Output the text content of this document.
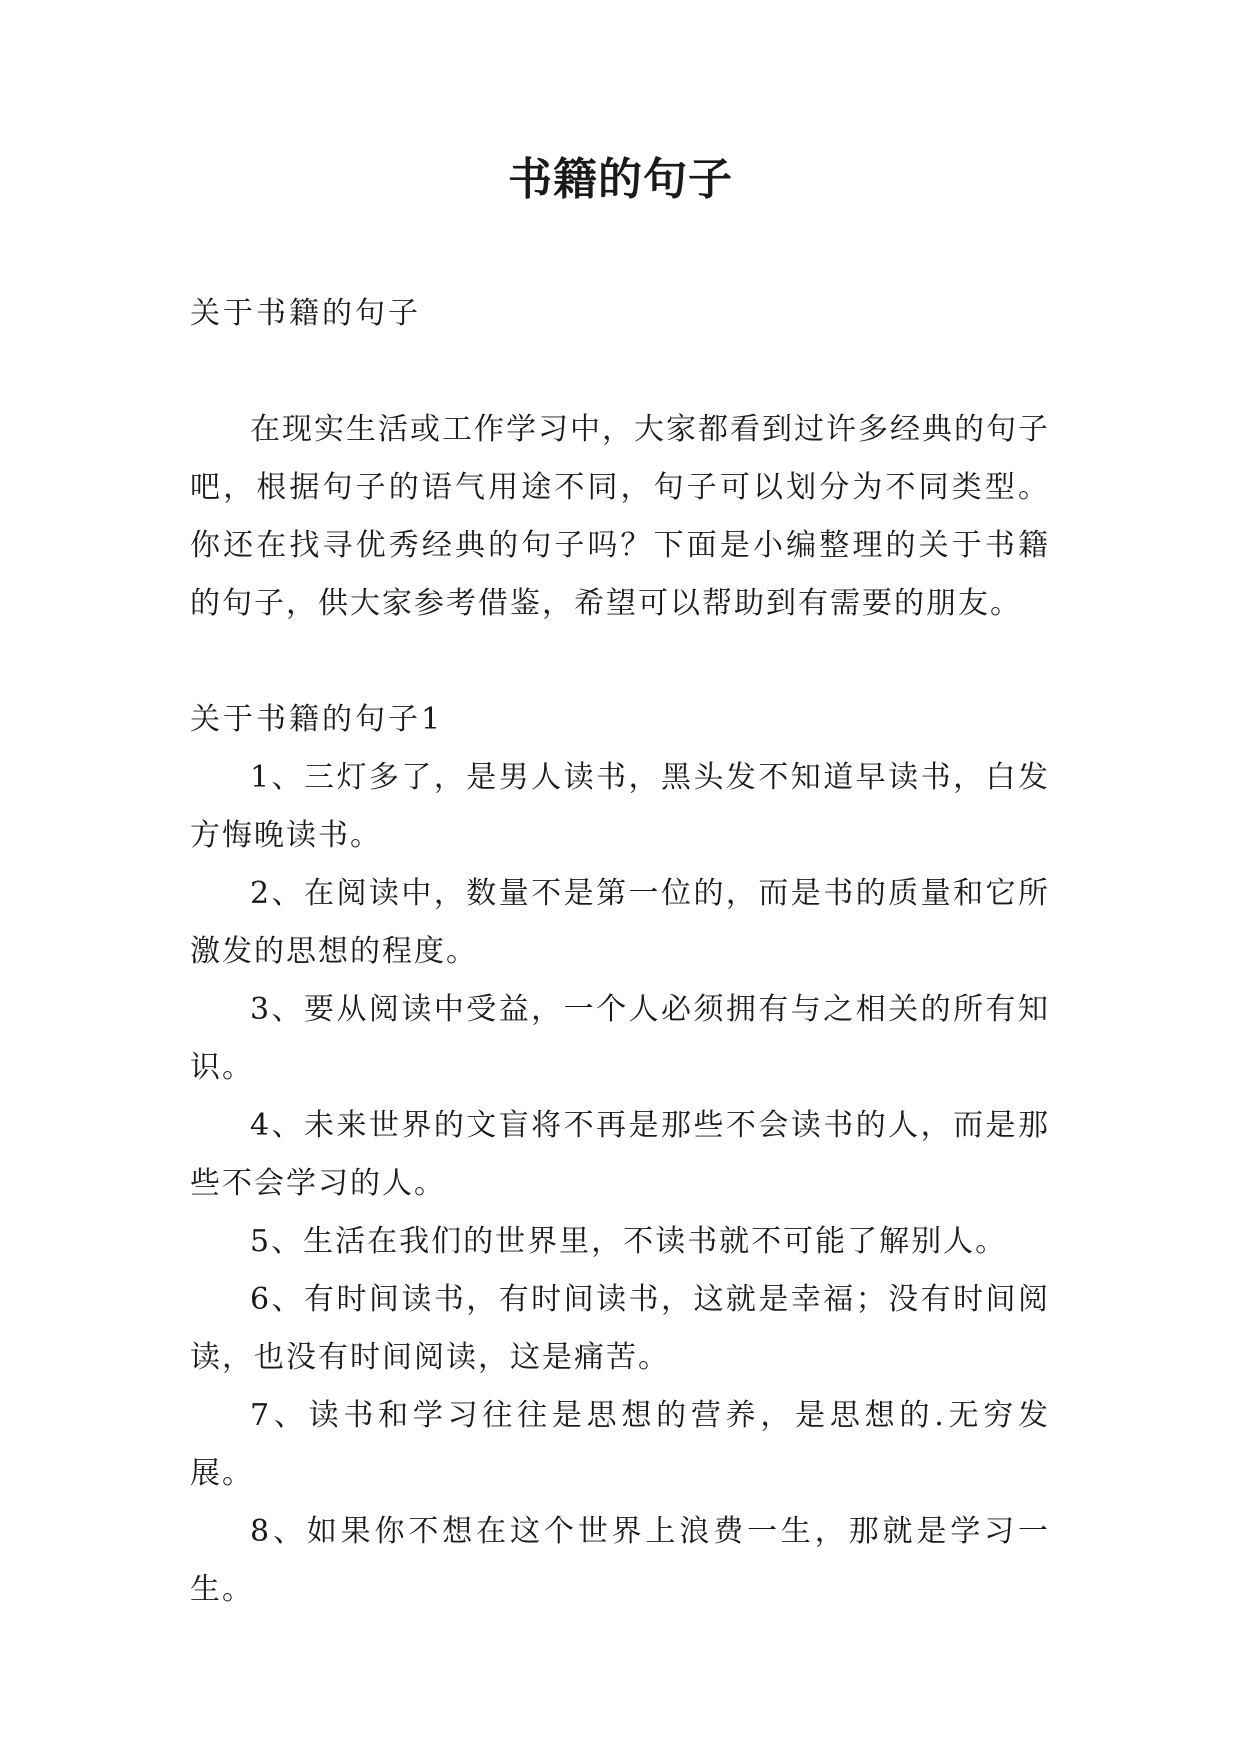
书籍的句子

关于书籍的句子

在现实生活或工作学习中，大家都看到过许多经典的句子吧，根据句子的语气用途不同，句子可以划分为不同类型。你还在找寻优秀经典的句子吗？下面是小编整理的关于书籍的句子，供大家参考借鉴，希望可以帮助到有需要的朋友。

关于书籍的句子1

1、三灯多了，是男人读书，黑头发不知道早读书，白发方悔晚读书。

2、在阅读中，数量不是第一位的，而是书的质量和它所激发的思想的程度。

3、要从阅读中受益，一个人必须拥有与之相关的所有知识。

4、未来世界的文盲将不再是那些不会读书的人，而是那些不会学习的人。

5、生活在我们的世界里，不读书就不可能了解别人。

6、有时间读书，有时间读书，这就是幸福；没有时间阅读，也没有时间阅读，这是痛苦。

7、读书和学习往往是思想的营养，是思想的.无穷发展。

8、如果你不想在这个世界上浪费一生，那就是学习一生。
